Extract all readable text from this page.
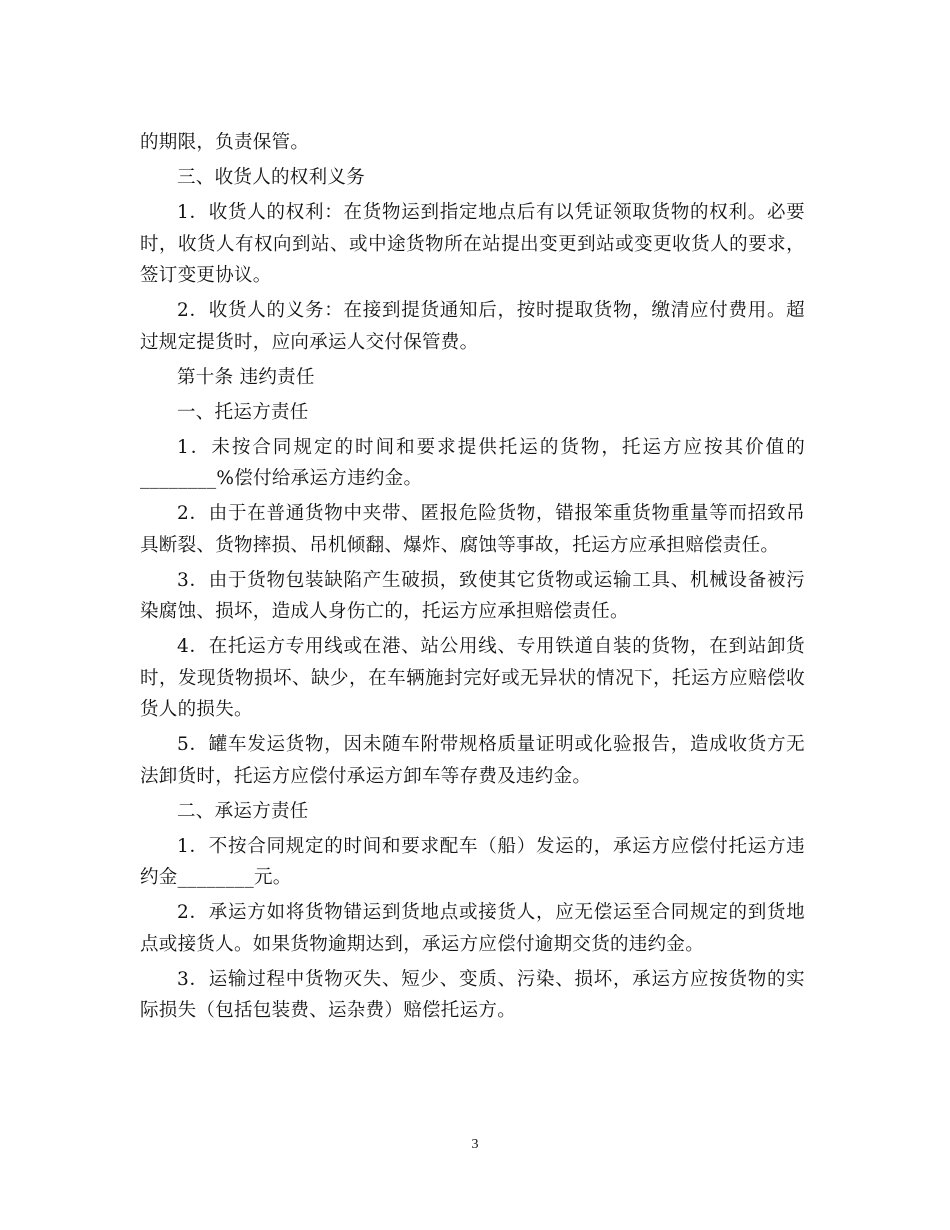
的期限，负责保管。

三、收货人的权利义务

1．收货人的权利：在货物运到指定地点后有以凭证领取货物的权利。必要时，收货人有权向到站、或中途货物所在站提出变更到站或变更收货人的要求，签订变更协议。

2．收货人的义务：在接到提货通知后，按时提取货物，缴清应付费用。超过规定提货时，应向承运人交付保管费。

第十条 违约责任

一、托运方责任

1．未按合同规定的时间和要求提供托运的货物，托运方应按其价值的________%偿付给承运方违约金。

2．由于在普通货物中夹带、匿报危险货物，错报笨重货物重量等而招致吊具断裂、货物摔损、吊机倾翻、爆炸、腐蚀等事故，托运方应承担赔偿责任。

3．由于货物包装缺陷产生破损，致使其它货物或运输工具、机械设备被污染腐蚀、损坏，造成人身伤亡的，托运方应承担赔偿责任。

4．在托运方专用线或在港、站公用线、专用铁道自装的货物，在到站卸货时，发现货物损坏、缺少，在车辆施封完好或无异状的情况下，托运方应赔偿收货人的损失。

5．罐车发运货物，因未随车附带规格质量证明或化验报告，造成收货方无法卸货时，托运方应偿付承运方卸车等存费及违约金。

二、承运方责任

1．不按合同规定的时间和要求配车（船）发运的，承运方应偿付托运方违约金________元。

2．承运方如将货物错运到货地点或接货人，应无偿运至合同规定的到货地点或接货人。如果货物逾期达到，承运方应偿付逾期交货的违约金。

3．运输过程中货物灭失、短少、变质、污染、损坏，承运方应按货物的实际损失（包括包装费、运杂费）赔偿托运方。

3
